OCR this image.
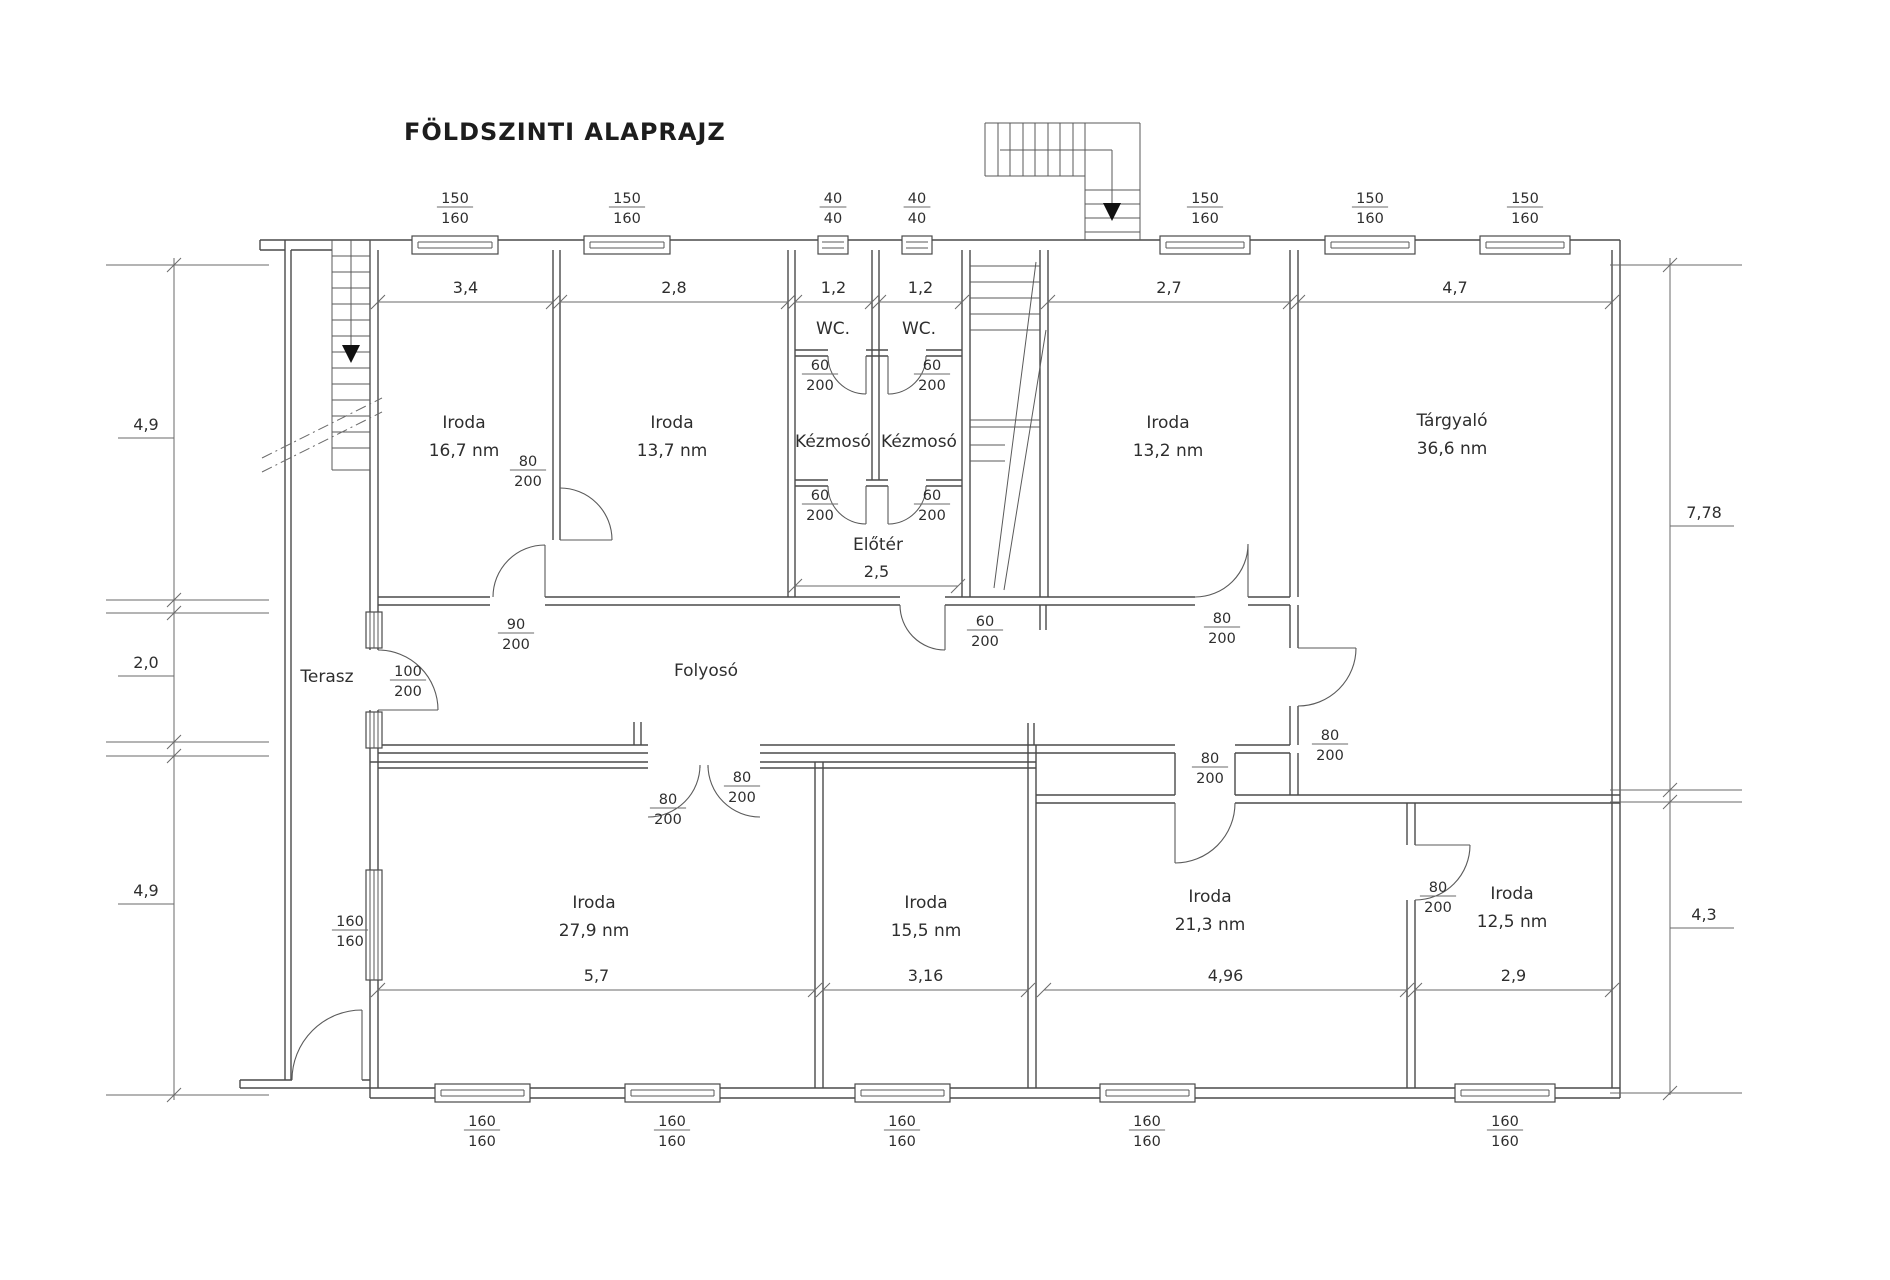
FÖLDSZINTI ALAPRAJZ
Iroda
16,7 nm
Iroda
13,7 nm
WC.	WC.
Kézmosó Kézmosó
Előtér
Iroda
13,2 nm
Tárgyaló
36,6 nm
Terasz	Folyosó
Iroda
27,9 nm
Iroda
15,5 nm
Iroda
21,3 nm
Iroda
12,5 nm
150
160
150
160
40
40
40
40
150
160
150
160
150
160
160
160
160
160
160
160
160
160
160
160
160
160
80
200
90
200
100
200
60
200
60
200
60
200
60
200
60
200
80
200
80
200
80
200
80
200
80
200
80
200
3,4	2,8	1,2	1,2	2,7	4,7
2,5
5,7	3,16	4,96	2,9
4,9
2,0
4,9
7,78
4,3
